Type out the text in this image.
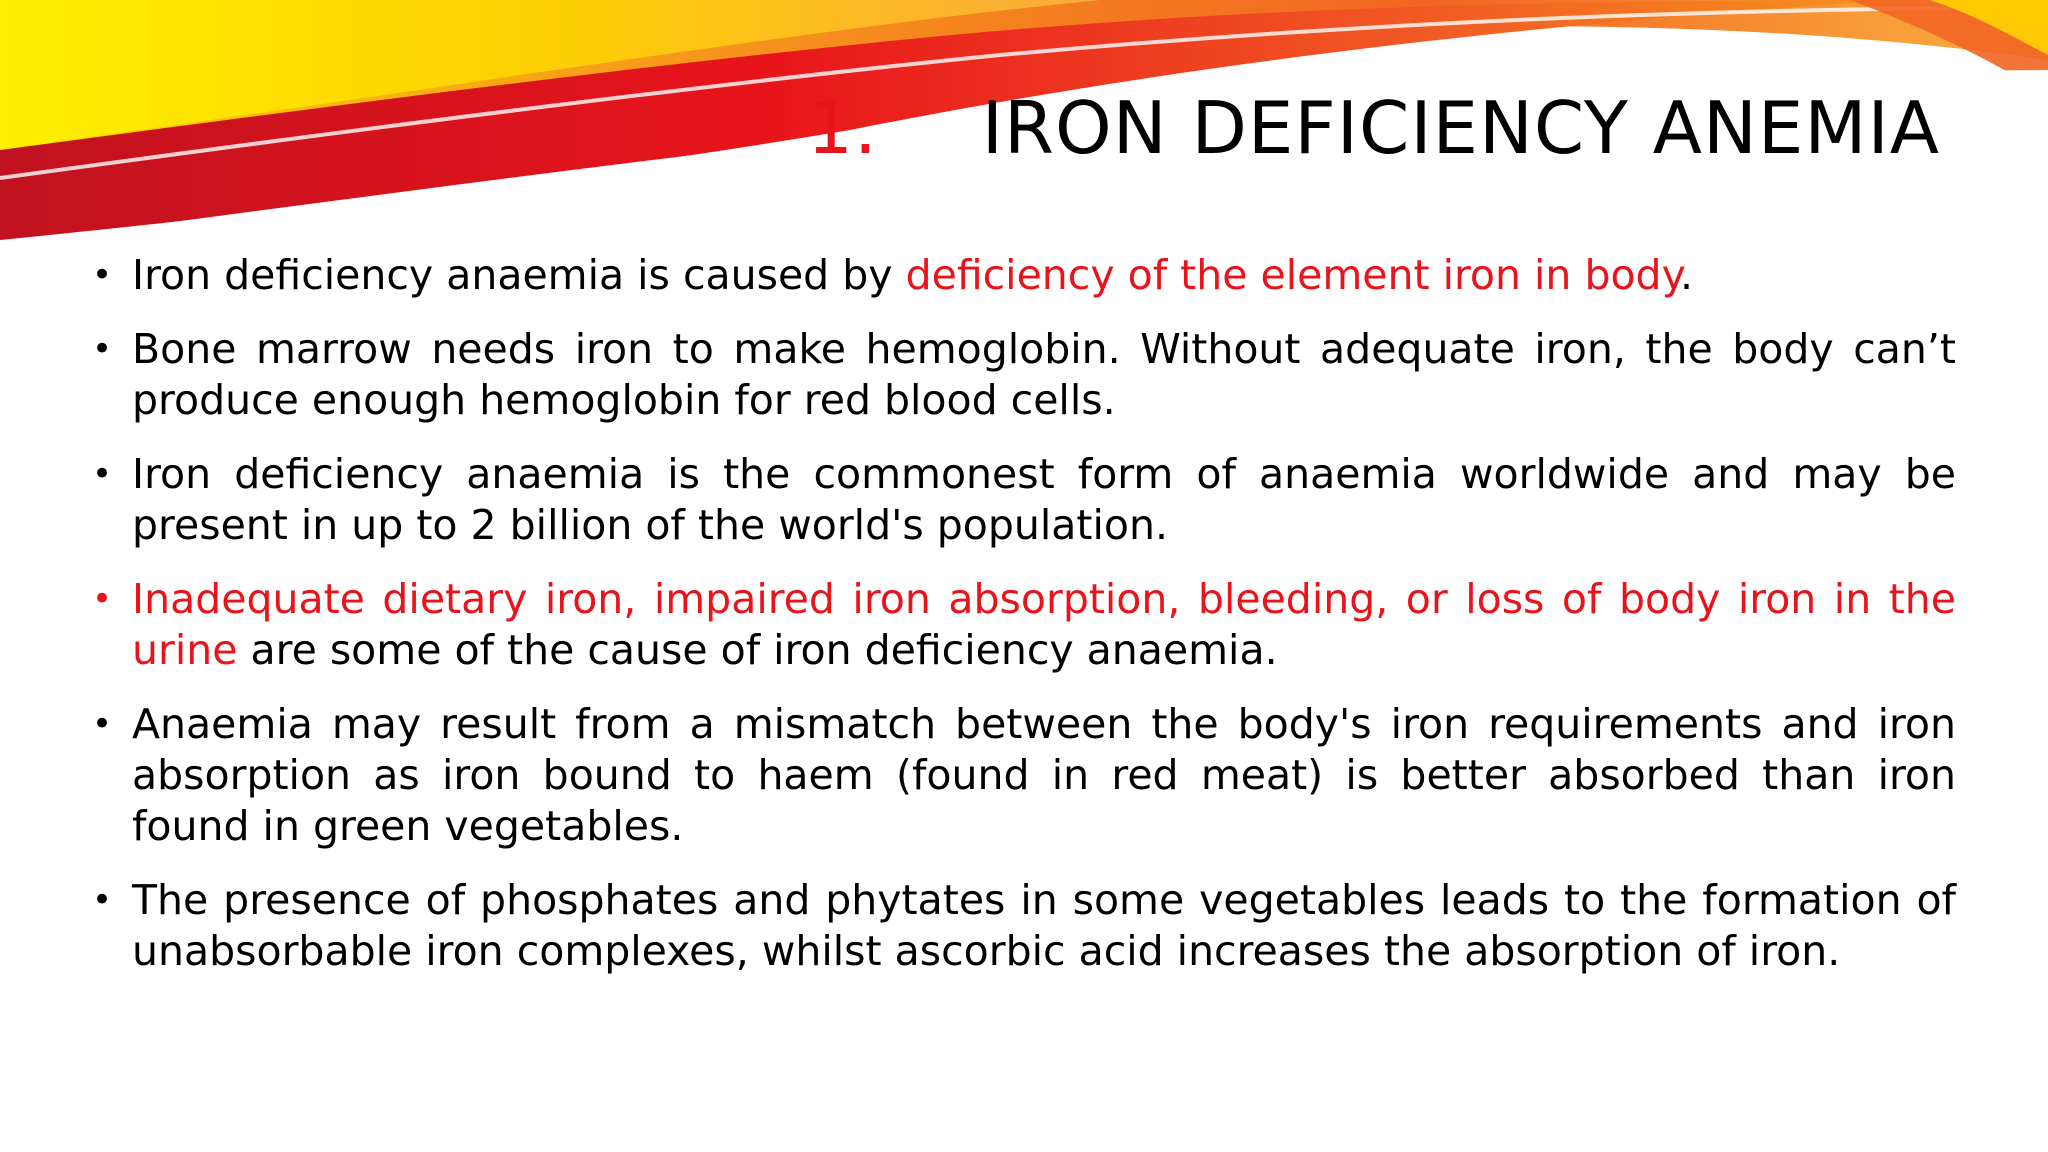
1. IRON DEFICIENCY ANEMIA
• Iron deficiency anaemia is caused by deficiency of the element iron in body.
• Bone marrow needs iron to make hemoglobin. Without adequate iron, the body can’t produce enough hemoglobin for red blood cells.
• Iron deficiency anaemia is the commonest form of anaemia worldwide and may be present in up to 2 billion of the world's population.
• Inadequate dietary iron, impaired iron absorption, bleeding, or loss of body iron in the urine are some of the cause of iron deficiency anaemia.
• Anaemia may result from a mismatch between the body's iron requirements and iron absorption as iron bound to haem (found in red meat) is better absorbed than iron found in green vegetables.
• The presence of phosphates and phytates in some vegetables leads to the formation of unabsorbable iron complexes, whilst ascorbic acid increases the absorption of iron.
